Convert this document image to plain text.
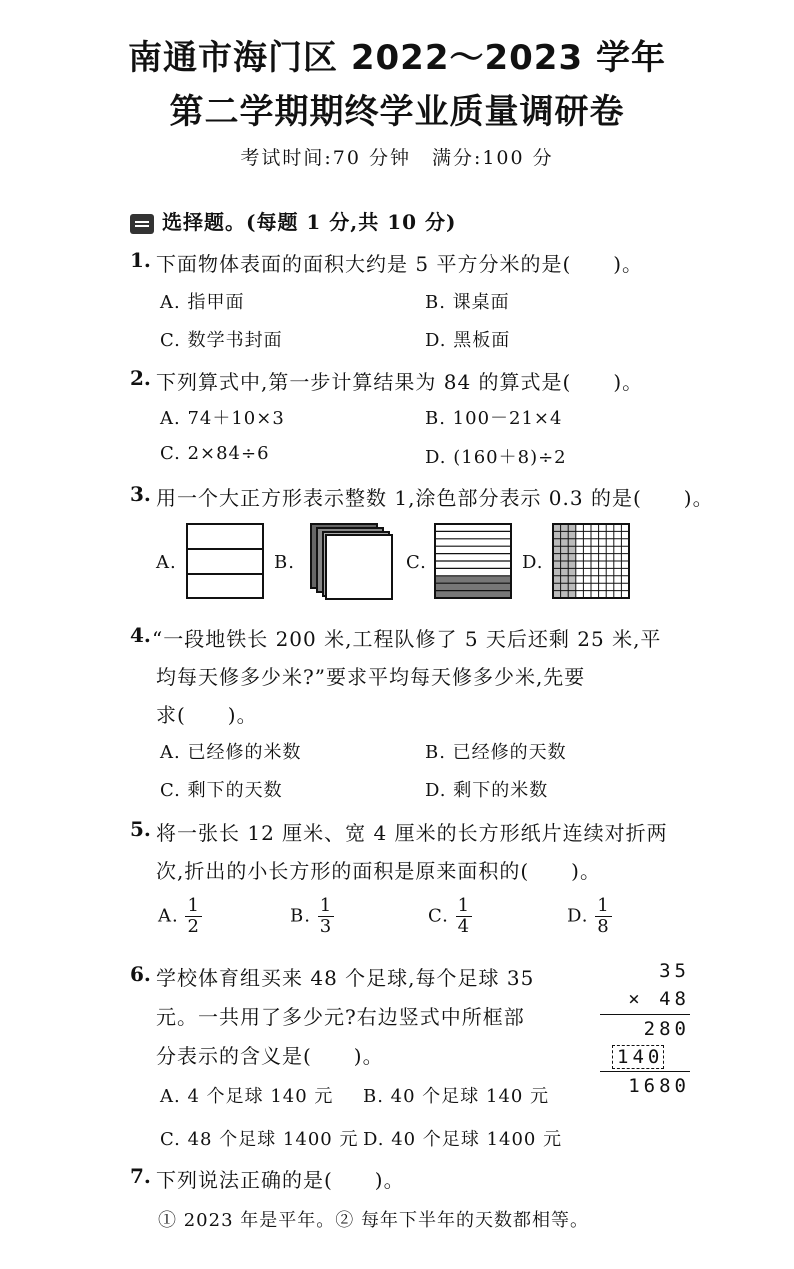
南通市海门区 2022～2023 学年
第二学期期终学业质量调研卷
考试时间:70 分钟　满分:100 分
选择题。(每题 1 分,共 10 分)
1. 下面物体表面的面积大约是 5 平方分米的是(　　)。
A. 指甲面	B. 课桌面
C. 数学书封面	D. 黑板面
2. 下列算式中,第一步计算结果为 84 的算式是(　　)。
A. 74＋10×3	B. 100－21×4
C. 2×84÷6	D. (160＋8)÷2
3. 用一个大正方形表示整数 1,涂色部分表示 0.3 的是(　　)。
A.	B.	C.	D.
4. “一段地铁长 200 米,工程队修了 5 天后还剩 25 米,平
均每天修多少米?”要求平均每天修多少米,先要
求(　　)。
A. 已经修的米数	B. 已经修的天数
C. 剩下的天数	D. 剩下的米数
5. 将一张长 12 厘米、宽 4 厘米的长方形纸片连续对折两
次,折出的小长方形的面积是原来面积的(　　)。
A. $\frac{1}{2}$	B. $\frac{1}{3}$	C. $\frac{1}{4}$	D. $\frac{1}{8}$
6. 学校体育组买来 48 个足球,每个足球 35
元。一共用了多少元?右边竖式中所框部
分表示的含义是(　　)。
35
× 48
280
140
1680
A. 4 个足球 140 元 B. 40 个足球 140 元
C. 48 个足球 1400 元 D. 40 个足球 1400 元
7. 下列说法正确的是(　　)。
① 2023 年是平年。② 每年下半年的天数都相等。
